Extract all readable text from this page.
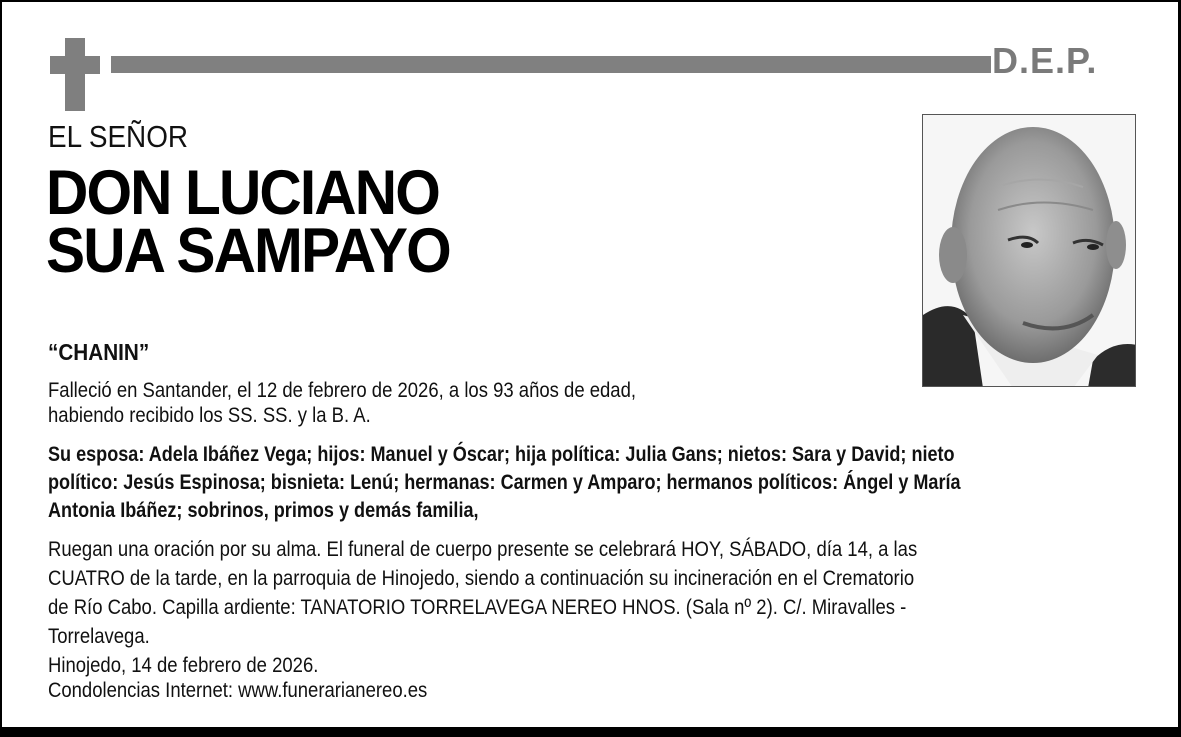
D.E.P.
EL SEÑOR
DON LUCIANO
SUA SAMPAYO
“CHANIN”
Falleció en Santander, el 12 de febrero de 2026, a los 93 años de edad,
habiendo recibido los SS. SS. y la B. A.
Su esposa: Adela Ibáñez Vega; hijos: Manuel y Óscar; hija política: Julia Gans; nietos: Sara y David; nieto
político: Jesús Espinosa; bisnieta: Lenú; hermanas: Carmen y Amparo; hermanos políticos: Ángel y María
Antonia Ibáñez; sobrinos, primos y demás familia,
Ruegan una oración por su alma. El funeral de cuerpo presente se celebrará HOY, SÁBADO, día 14, a las
CUATRO de la tarde, en la parroquia de Hinojedo, siendo a continuación su incineración en el Crematorio
de Río Cabo. Capilla ardiente: TANATORIO TORRELAVEGA NEREO HNOS. (Sala nº 2). C/. Miravalles -
Torrelavega.
Hinojedo, 14 de febrero de 2026.
Condolencias Internet: www.funerarianereo.es
